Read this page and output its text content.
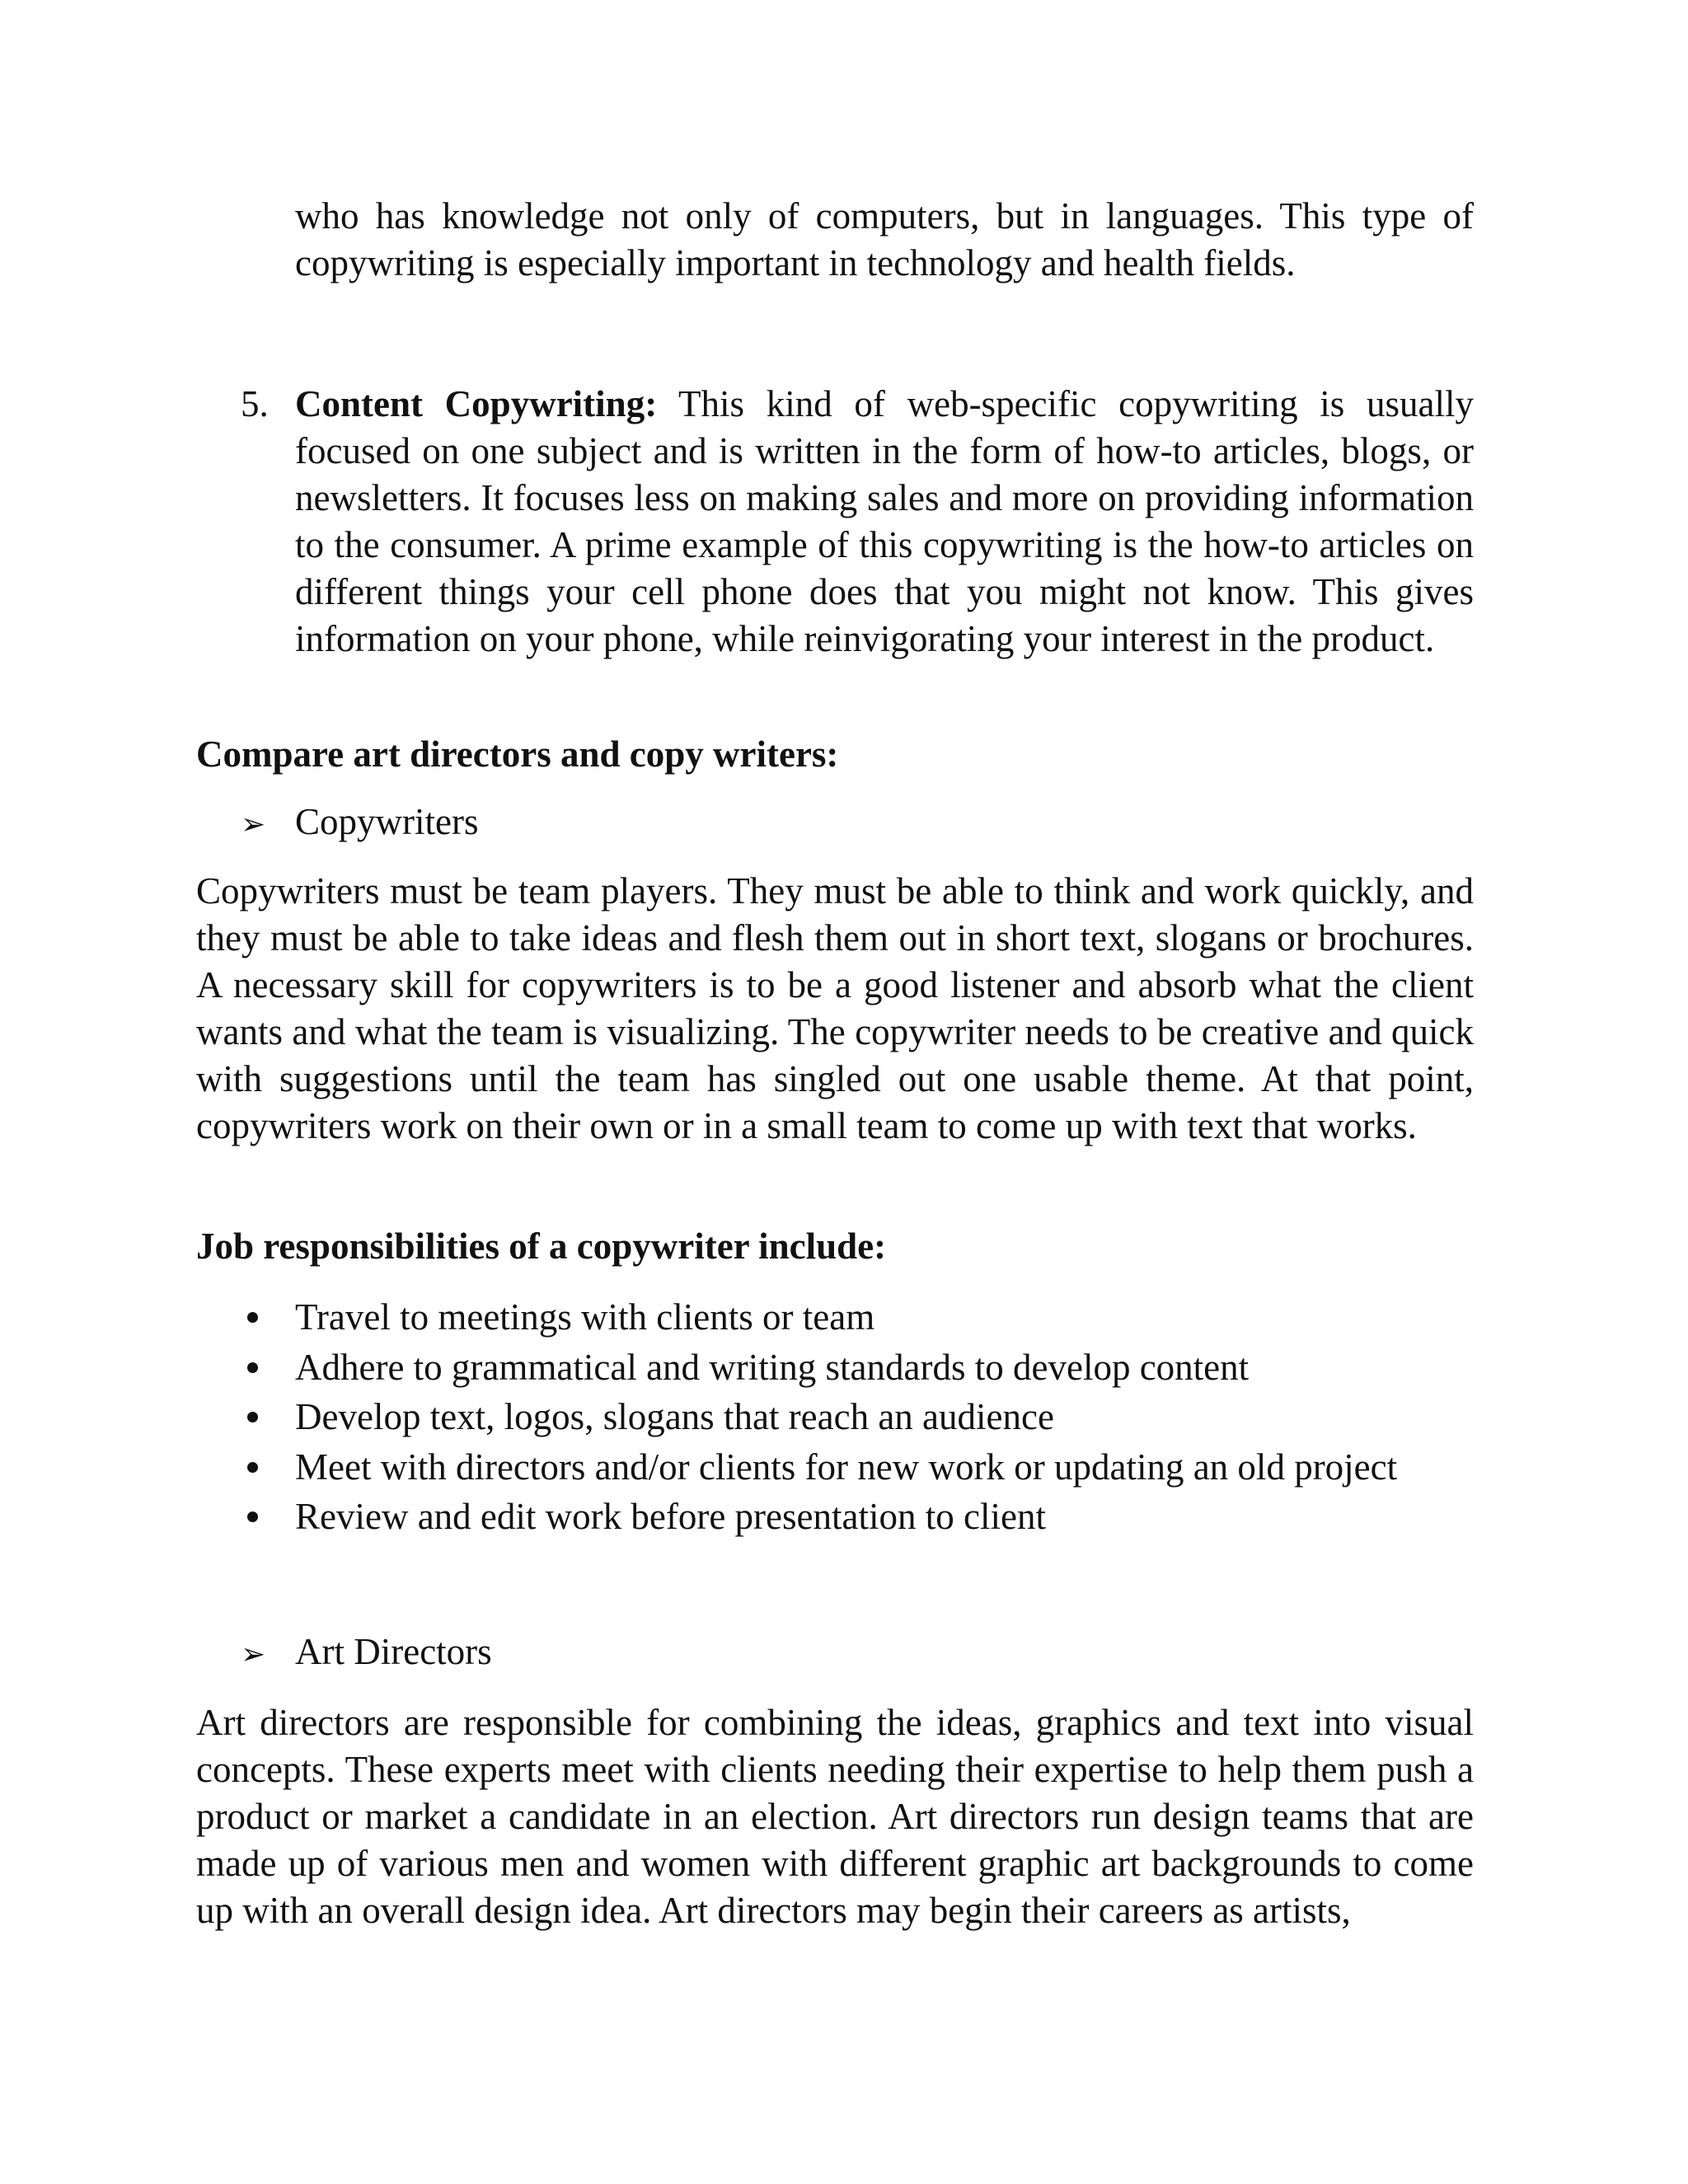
who has knowledge not only of computers, but in languages. This type of copywriting is especially important in technology and health fields.

5. Content Copywriting: This kind of web-specific copywriting is usually focused on one subject and is written in the form of how-to articles, blogs, or newsletters. It focuses less on making sales and more on providing information to the consumer. A prime example of this copywriting is the how-to articles on different things your cell phone does that you might not know. This gives information on your phone, while reinvigorating your interest in the product.

Compare art directors and copy writers:

➢ Copywriters

Copywriters must be team players. They must be able to think and work quickly, and they must be able to take ideas and flesh them out in short text, slogans or brochures. A necessary skill for copywriters is to be a good listener and absorb what the client wants and what the team is visualizing. The copywriter needs to be creative and quick with suggestions until the team has singled out one usable theme. At that point, copywriters work on their own or in a small team to come up with text that works.

Job responsibilities of a copywriter include:

Travel to meetings with clients or team
Adhere to grammatical and writing standards to develop content
Develop text, logos, slogans that reach an audience
Meet with directors and/or clients for new work or updating an old project
Review and edit work before presentation to client
➢ Art Directors

Art directors are responsible for combining the ideas, graphics and text into visual concepts. These experts meet with clients needing their expertise to help them push a product or market a candidate in an election. Art directors run design teams that are made up of various men and women with different graphic art backgrounds to come up with an overall design idea. Art directors may begin their careers as artists,
